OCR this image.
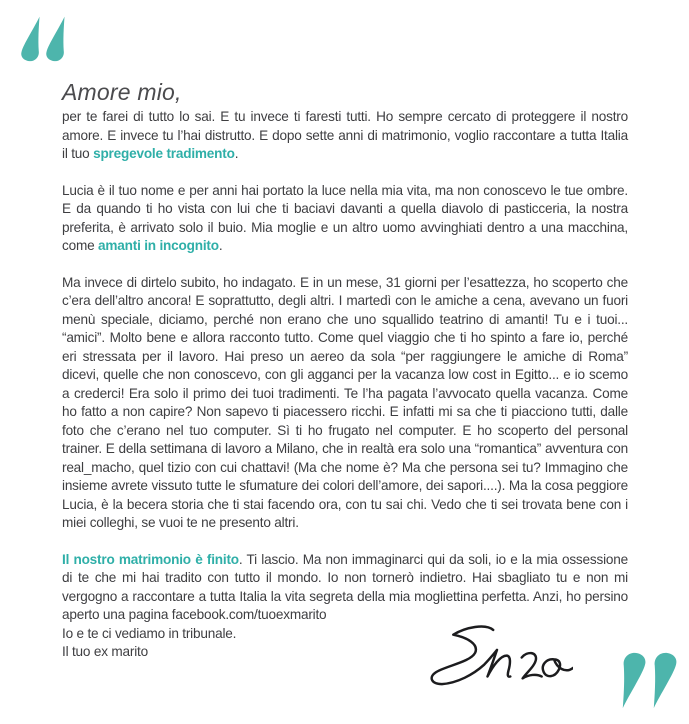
Amore mio,
per te farei di tutto lo sai. E tu invece ti faresti tutti. Ho sempre cercato di proteggere il nostro amore. E invece tu l’hai distrutto. E dopo sette anni di matrimonio, voglio raccontare a tutta Italia il tuo spregevole tradimento.
Lucia è il tuo nome e per anni hai portato la luce nella mia vita, ma non conoscevo le tue ombre. E da quando ti ho vista con lui che ti baciavi davanti a quella diavolo di pasticceria, la nostra preferita, è arrivato solo il buio. Mia moglie e un altro uomo avvinghiati dentro a una macchina, come amanti in incognito.
Ma invece di dirtelo subito, ho indagato. E in un mese, 31 giorni per l’esattezza, ho scoperto che c’era dell’altro ancora! E soprattutto, degli altri. I martedì con le amiche a cena, avevano un fuori menù speciale, diciamo, perché non erano che uno squallido teatrino di amanti! Tu e i tuoi... “amici”. Molto bene e allora racconto tutto. Come quel viaggio che ti ho spinto a fare io, perché eri stressata per il lavoro. Hai preso un aereo da sola “per raggiungere le amiche di Roma” dicevi, quelle che non conoscevo, con gli agganci per la vacanza low cost in Egitto... e io scemo a crederci! Era solo il primo dei tuoi tradimenti. Te l’ha pagata l’avvocato quella vacanza. Come ho fatto a non capire? Non sapevo ti piacessero ricchi. E infatti mi sa che ti piacciono tutti, dalle foto che c’erano nel tuo computer. Sì ti ho frugato nel computer. E ho scoperto del personal trainer. E della settimana di lavoro a Milano, che in realtà era solo una “romantica” avventura con real_macho, quel tizio con cui chattavi! (Ma che nome è? Ma che persona sei tu? Immagino che insieme avrete vissuto tutte le sfumature dei colori dell’amore, dei sapori....). Ma la cosa peggiore Lucia, è la becera storia che ti stai facendo ora, con tu sai chi. Vedo che ti sei trovata bene con i miei colleghi, se vuoi te ne presento altri.
Il nostro matrimonio è finito. Ti lascio. Ma non immaginarci qui da soli, io e la mia ossessione di te che mi hai tradito con tutto il mondo. Io non tornerò indietro. Hai sbagliato tu e non mi vergogno a raccontare a tutta Italia la vita segreta della mia mogliettina perfetta. Anzi, ho persino aperto una pagina facebook.com/tuoexmarito
Io e te ci vediamo in tribunale.
Il tuo ex marito
